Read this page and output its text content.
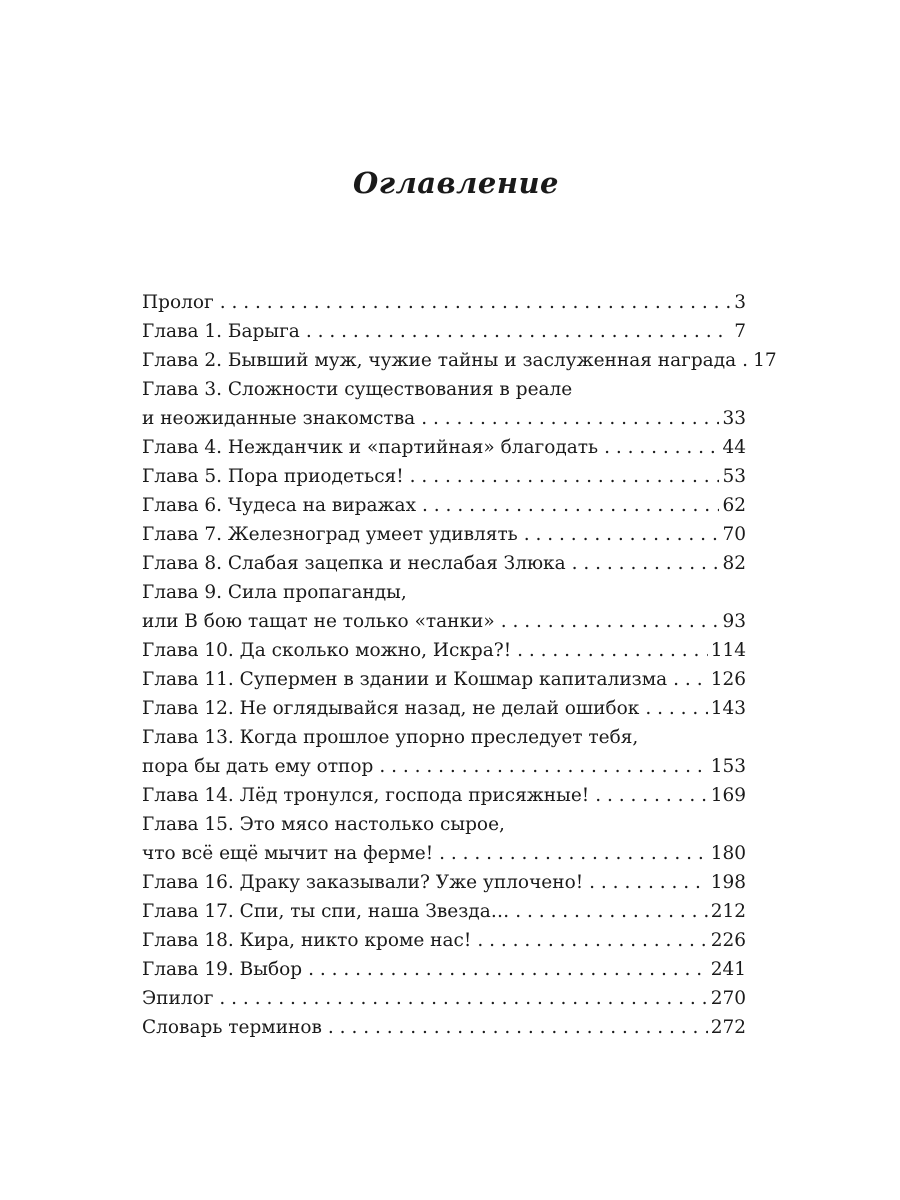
Оглавление
Пролог . . .	3
Глава 1. Барыга . . .	7
Глава 2. Бывший муж, чужие тайны и заслуженная награда . . . 17
Глава 3. Сложности существования в реале
и неожиданные знакомства . . .	33
Глава 4. Нежданчик и «партийная» благодать . . .	44
Глава 5. Пора приодеться! . . .	53
Глава 6. Чудеса на виражах . . .	62
Глава 7. Железноград умеет удивлять . . .	70
Глава 8. Слабая зацепка и неслабая Злюка . . .	82
Глава 9. Сила пропаганды,
или В бою тащат не только «танки» . . .	93
Глава 10. Да сколько можно, Искра?! . . .	114
Глава 11. Супермен в здании и Кошмар капитализма . . . 126
Глава 12. Не оглядывайся назад, не делай ошибок . . .	143
Глава 13. Когда прошлое упорно преследует тебя,
пора бы дать ему отпор . . .	153
Глава 14. Лёд тронулся, господа присяжные! . . .	169
Глава 15. Это мясо настолько сырое,
что всё ещё мычит на ферме! . . .	180
Глава 16. Драку заказывали? Уже уплочено! . . .	198
Глава 17. Спи, ты спи, наша Звезда… . . .	212
Глава 18. Кира, никто кроме нас! . . .	226
Глава 19. Выбор . . .	241
Эпилог . . .	270
Словарь терминов . . .	272
